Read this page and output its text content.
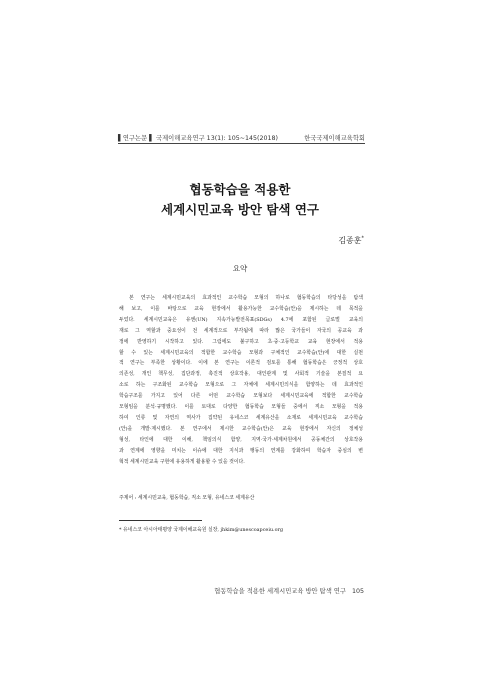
▌연구논문 ▌ 국제이해교육연구 13(1): 105~145(2018)	한국국제이해교육학회
협동학습을 적용한
세계시민교육 방안 탐색 연구
김종훈*
요약
본 연구는 세계시민교육의 효과적인 교수학습 모형의 하나로 협동학습의 타당성을 탐색
해 보고, 이를 바탕으로 교육 현장에서 활용가능한 교수학습(안)을 제시하는 데 목적을
두었다. 세계시민교육은 유엔(UN) 지속가능발전목표(SDGs) 4.7에 포함된 글로벌 교육의
재로 그 역할과 중요성이 전 세계적으로 부각됨에 따라 많은 국가들이 자국의 공교육 과
정에 반영하기 시작하고 있다. 그럼에도 불구하고 초·중·고등학교 교육 현장에서 적용
할 수 있는 세계시민교육의 적합한 교수학습 모형과 구체적인 교수학습(안)에 대한 실천
적 연구는 부족한 상황이다. 이에 본 연구는 이론적 검토를 통해 협동학습은 긍정적 상호
의존성, 개인 책무성, 집단과정, 촉진적 상호작용, 대인관계 및 사회적 기술을 본질적 요
소로 하는 구조화된 교수학습 모형으로 그 자체에 세계시민의식을 함양하는 데 효과적인
학습구조를 가지고 있어 다른 어떤 교수학습 모형보다 세계시민교육에 적합한 교수학습
모형임을 분석·규명했다. 이를 토대로 다양한 협동학습 모형들 중에서 직소 모형을 적용
하여 인류 및 자연의 역사가 집약된 유네스코 세계유산을 소재로 세계시민교육 교수학습
(안)을 개발·제시했다. 본 연구에서 제시한 교수학습(안)은 교육 현장에서 자신의 정체성
형성, 타인에 대한 이해, 책임의식 함양, 지역·국가·세계차원에서 공동체간의 상호작용
과 연계에 영향을 미치는 이슈에 대한 지식과 행동의 연계를 강화하여 학습자 중심의 변
혁적 세계시민교육 구현에 유용하게 활용할 수 있을 것이다.
주제어 : 세계시민교육, 협동학습, 직소 모형, 유네스코 세계유산
* 유네스코 아시아태평양 국제이해교육원 실장, jhkim@unescoapceiu.org
협동학습을 적용한 세계시민교육 방안 탐색 연구 105
